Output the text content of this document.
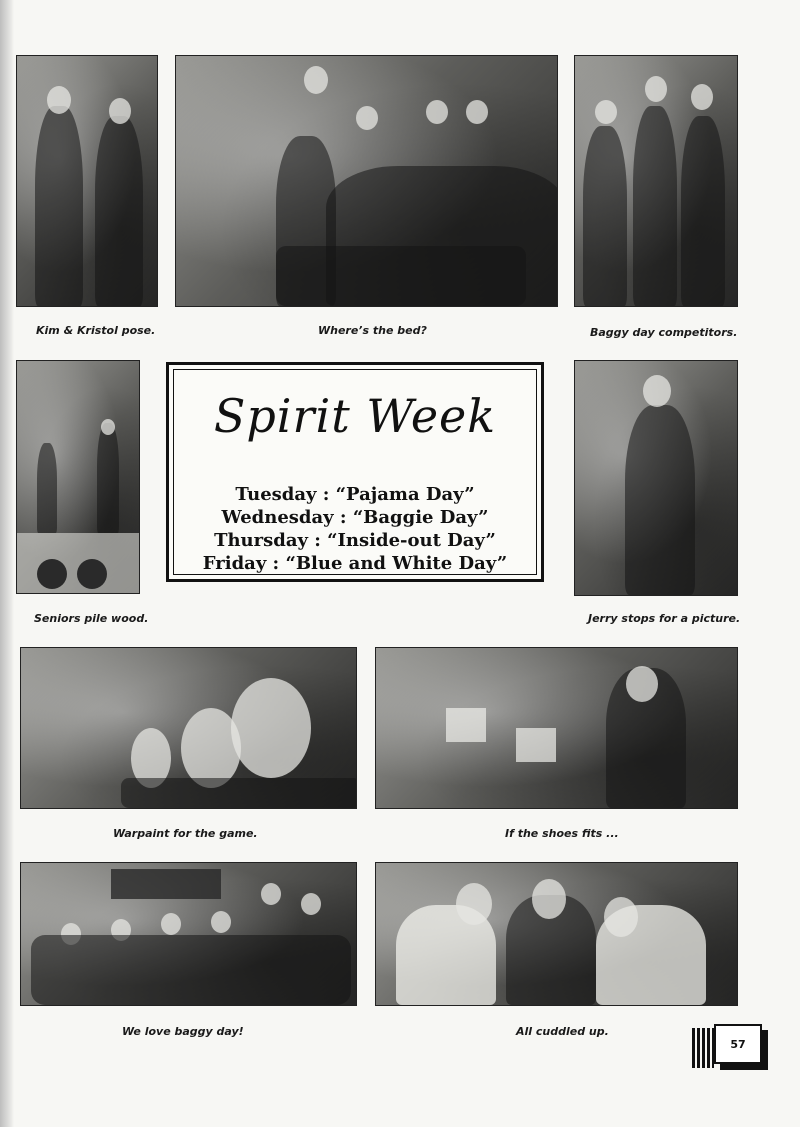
Kim & Kristol pose.	Where’s the bed?	Baggy day competitors.
Seniors pile wood.
Spirit Week
Tuesday : “Pajama Day”
Wednesday : “Baggie Day”
Thursday : “Inside-out Day”
Friday : “Blue and White Day”
Jerry stops for a picture.
Warpaint for the game.	If the shoes fits ...
We love baggy day!	All cuddled up.
57
